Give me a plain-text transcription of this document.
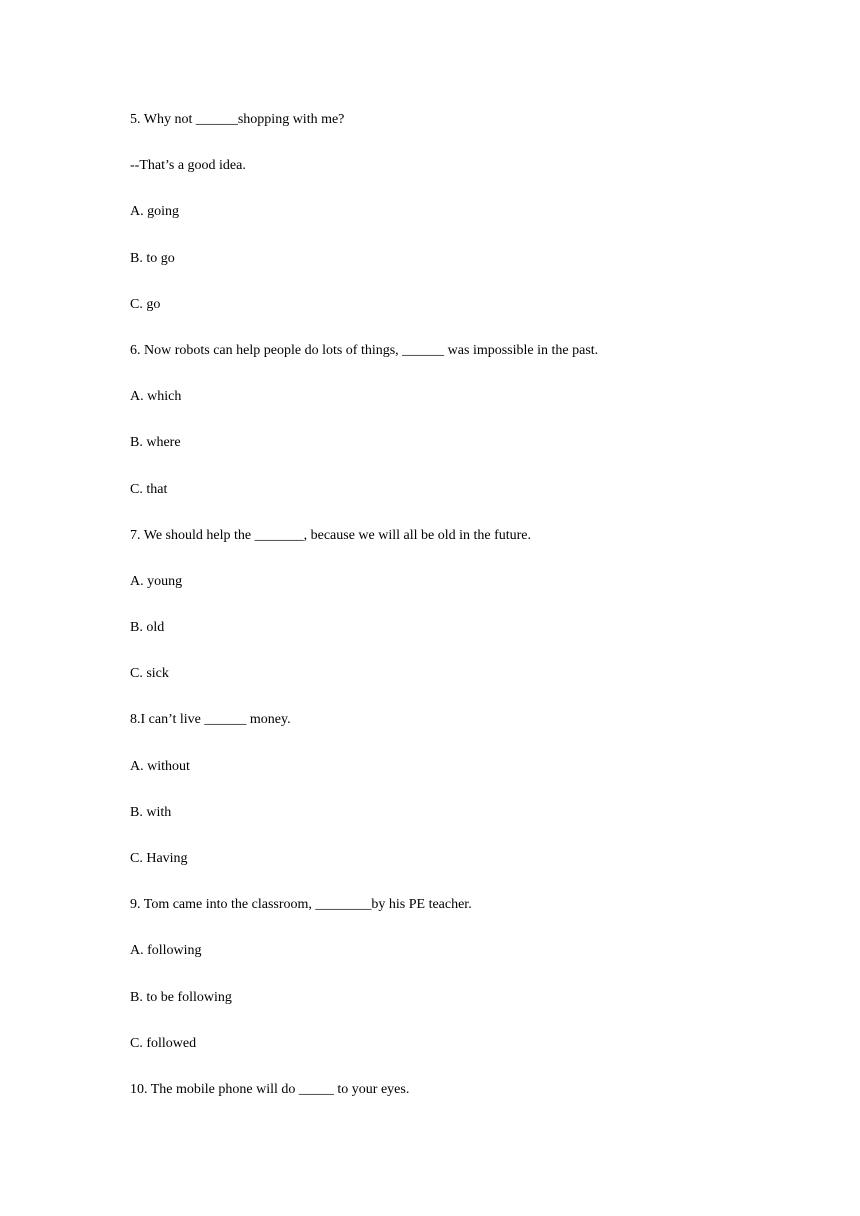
5. Why not ______shopping with me?

--That’s a good idea.

A. going

B. to go

C. go

6. Now robots can help people do lots of things, ______ was impossible in the past.

A. which

B. where

C. that

7. We should help the _______, because we will all be old in the future.

A. young

B. old

C. sick

8.I can’t live ______ money.

A. without

B. with

C. Having

9. Tom came into the classroom, ________by his PE teacher.

A. following

B. to be following

C. followed

10. The mobile phone will do _____ to your eyes.
